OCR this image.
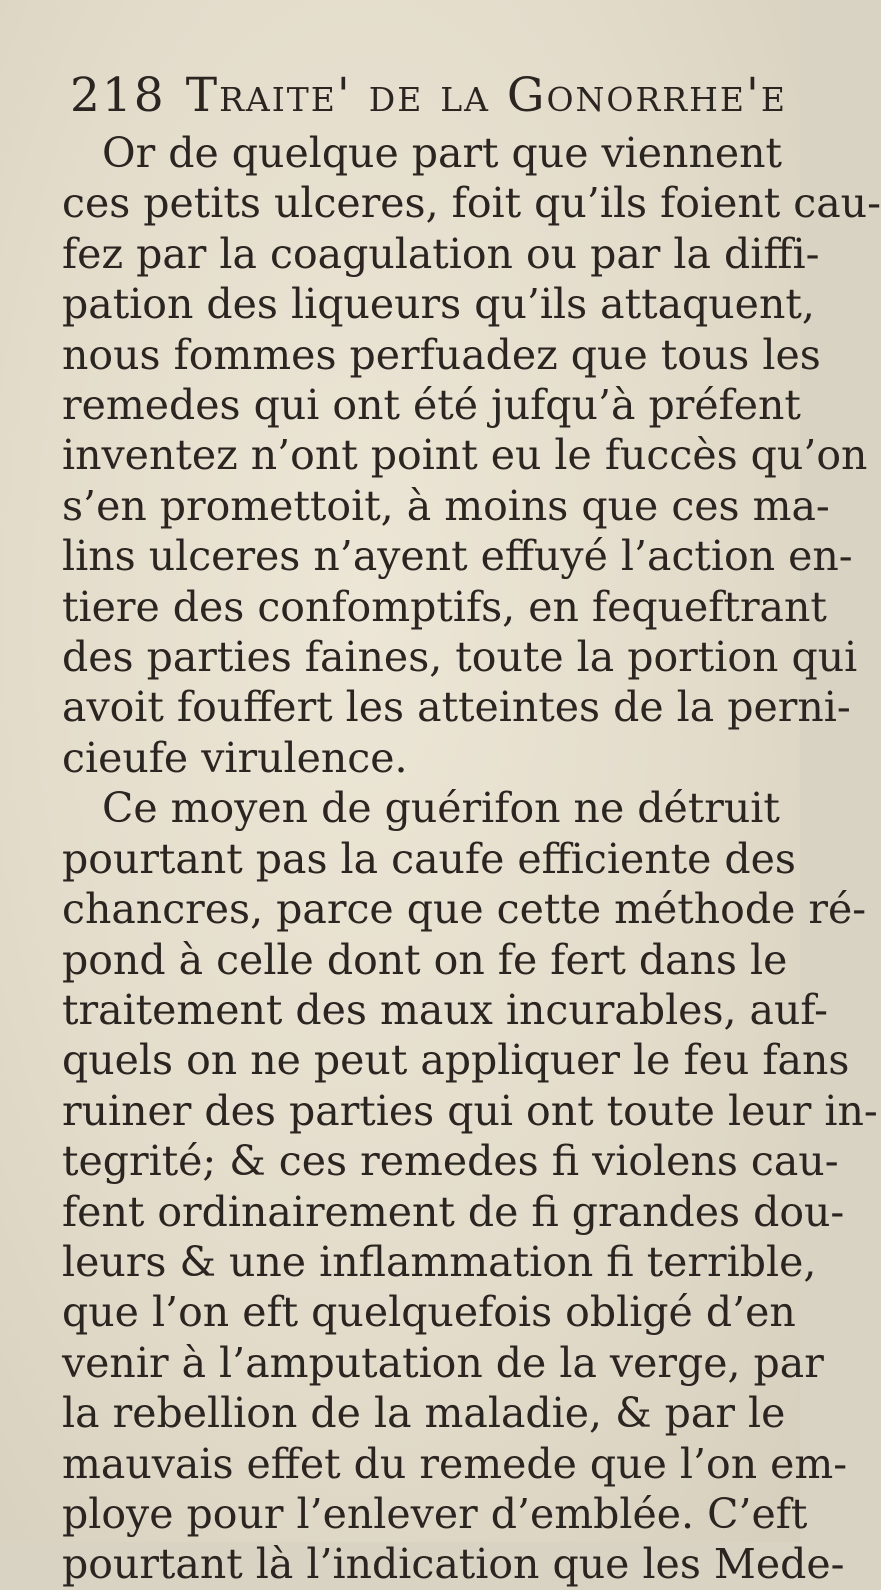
218 Traite' de la Gonorrhe'e
Or de quelque part que viennent
ces petits ulceres, foit qu’ils foient cau-
fez par la coagulation ou par la diffi-
pation des liqueurs qu’ils attaquent,
nous fommes perfuadez que tous les
remedes qui ont été jufqu’à préfent
inventez n’ont point eu le fuccès qu’on
s’en promettoit, à moins que ces ma-
lins ulceres n’ayent effuyé l’action en-
tiere des confomptifs, en fequeftrant
des parties faines, toute la portion qui
avoit fouffert les atteintes de la perni-
cieufe virulence.
Ce moyen de guérifon ne détruit
pourtant pas la caufe efficiente des
chancres, parce que cette méthode ré-
pond à celle dont on fe fert dans le
traitement des maux incurables, auf-
quels on ne peut appliquer le feu fans
ruiner des parties qui ont toute leur in-
tegrité; & ces remedes fi violens cau-
fent ordinairement de fi grandes dou-
leurs & une inflammation fi terrible,
que l’on eft quelquefois obligé d’en
venir à l’amputation de la verge, par
la rebellion de la maladie, & par le
mauvais effet du remede que l’on em-
ploye pour l’enlever d’emblée. C’eft
pourtant là l’indication que les Mede-
